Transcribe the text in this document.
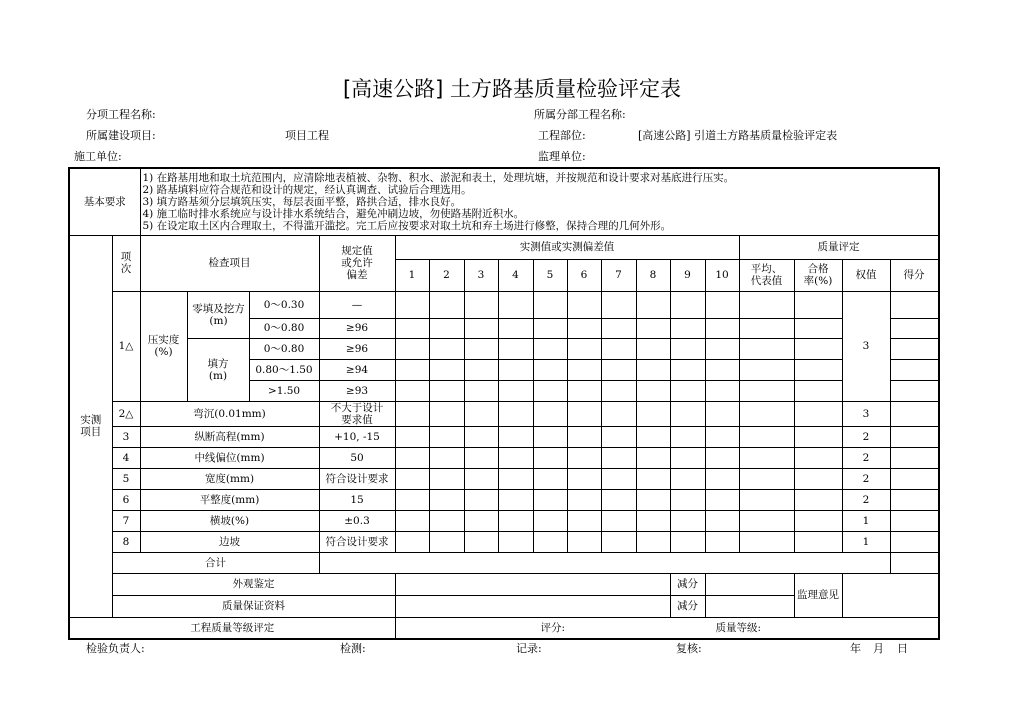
[高速公路] 土方路基质量检验评定表
分项工程名称:	所属分部工程名称:
所属建设项目:	项目工程	工程部位:	[高速公路] 引道土方路基质量检验评定表
施工单位:	监理单位:
基本要求		1) 在路基用地和取土坑范围内，应清除地表植被、杂物、积水、淤泥和表土，处理坑塘，并按规范和设计要求对基底进行压实。
2) 路基填料应符合规范和设计的规定，经认真调查、试验后合理选用。
3) 填方路基须分层填筑压实，每层表面平整，路拱合适，排水良好。
4) 施工临时排水系统应与设计排水系统结合，避免冲刷边坡，勿使路基附近积水。
5) 在设定取土区内合理取土，不得滥开滥挖。完工后应按要求对取土坑和弃土场进行修整，保持合理的几何外形。																	

实测项目	项次	检查项目			规定值或允许偏差	实测值或实测偏差值										质量评定			
						1	2	3	4	5	6	7	8	9	10	平均、代表值	合格率(%)	权值	得分
	1△	压实度(%)	零填及挖方(m)	0～0.30	—													3	
				0～0.80	≥96														

			填方(m)	0～0.80	≥96														
				0.80～1.50	≥94														
				>1.50	≥93														
	2△	弯沉(0.01mm)			不大于设计要求值													3	
	3	纵断高程(mm)			+10, -15													2	
	4	中线偏位(mm)			50													2	
	5	宽度(mm)			符合设计要求													2	
	6	平整度(mm)			15													2	
	7	横坡(%)			±0.3													1	
	8	边坡			符合设计要求													1	
	合计																		
	外观鉴定													减分			监理意见		
	质量保证资料													减分					
工程质量等级评定						评分: 质量等级:													
检验负责人:	检测:	记录:	复核:	年 月 日
